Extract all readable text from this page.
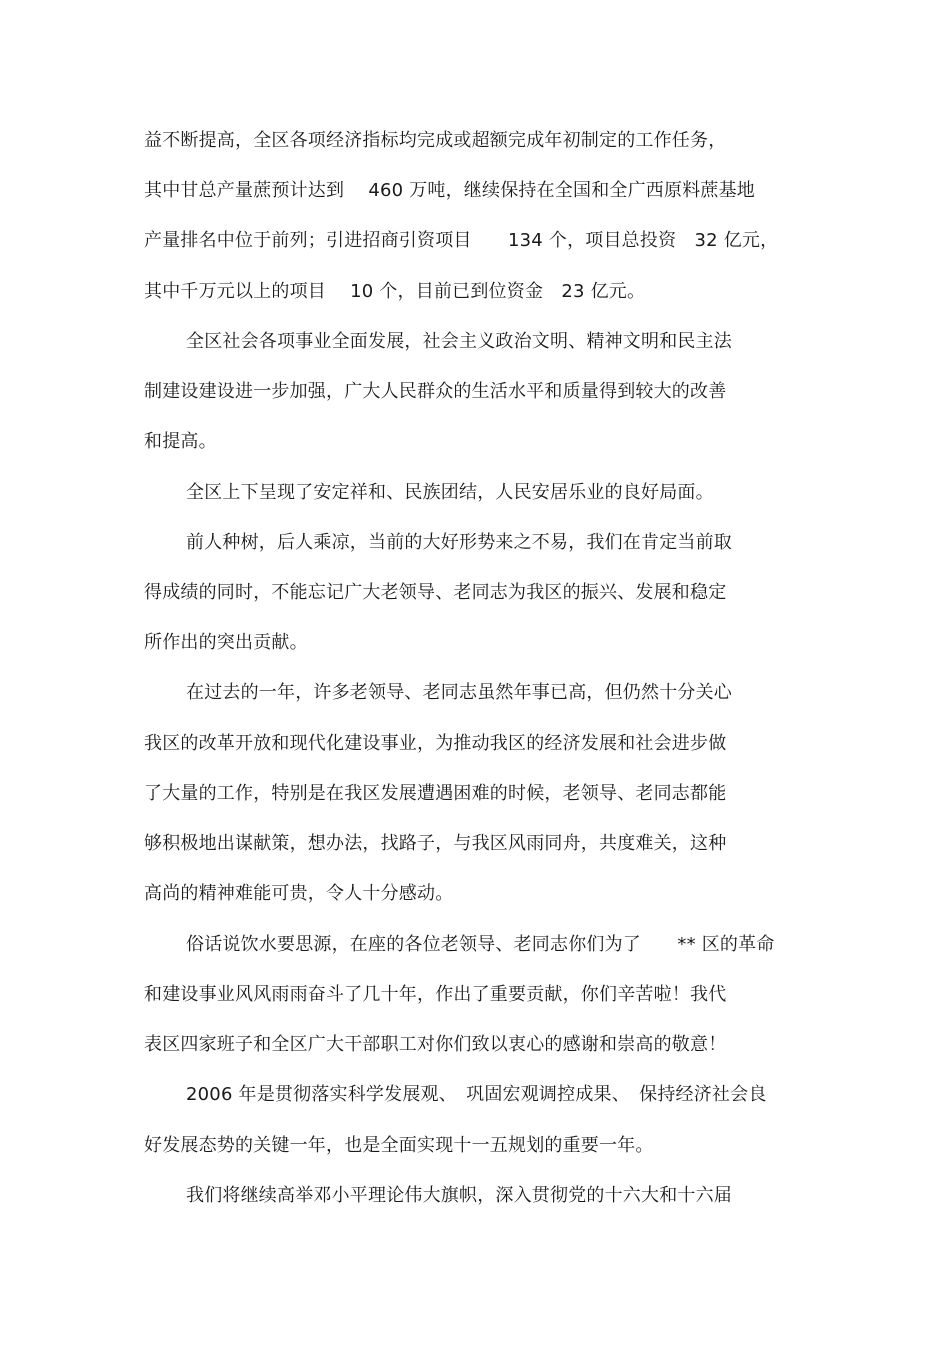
益不断提高，全区各项经济指标均完成或超额完成年初制定的工作任务，
其中甘总产量蔗预计达到　 460 万吨，继续保持在全国和全广西原料蔗基地
产量排名中位于前列；引进招商引资项目　　134 个，项目总投资　32 亿元，
其中千万元以上的项目　 10 个，目前已到位资金　23 亿元。
全区社会各项事业全面发展，社会主义政治文明、精神文明和民主法
制建设建设进一步加强，广大人民群众的生活水平和质量得到较大的改善
和提高。
全区上下呈现了安定祥和、民族团结，人民安居乐业的良好局面。
前人种树，后人乘凉，当前的大好形势来之不易，我们在肯定当前取
得成绩的同时，不能忘记广大老领导、老同志为我区的振兴、发展和稳定
所作出的突出贡献。
在过去的一年，许多老领导、老同志虽然年事已高，但仍然十分关心
我区的改革开放和现代化建设事业，为推动我区的经济发展和社会进步做
了大量的工作，特别是在我区发展遭遇困难的时候，老领导、老同志都能
够积极地出谋献策，想办法，找路子，与我区风雨同舟，共度难关，这种
高尚的精神难能可贵，令人十分感动。
俗话说饮水要思源，在座的各位老领导、老同志你们为了　　** 区的革命
和建设事业风风雨雨奋斗了几十年，作出了重要贡献，你们辛苦啦！我代
表区四家班子和全区广大干部职工对你们致以衷心的感谢和崇高的敬意！
2006 年是贯彻落实科学发展观、　巩固宏观调控成果、　保持经济社会良
好发展态势的关键一年，也是全面实现十一五规划的重要一年。
我们将继续高举邓小平理论伟大旗帜，深入贯彻党的十六大和十六届
